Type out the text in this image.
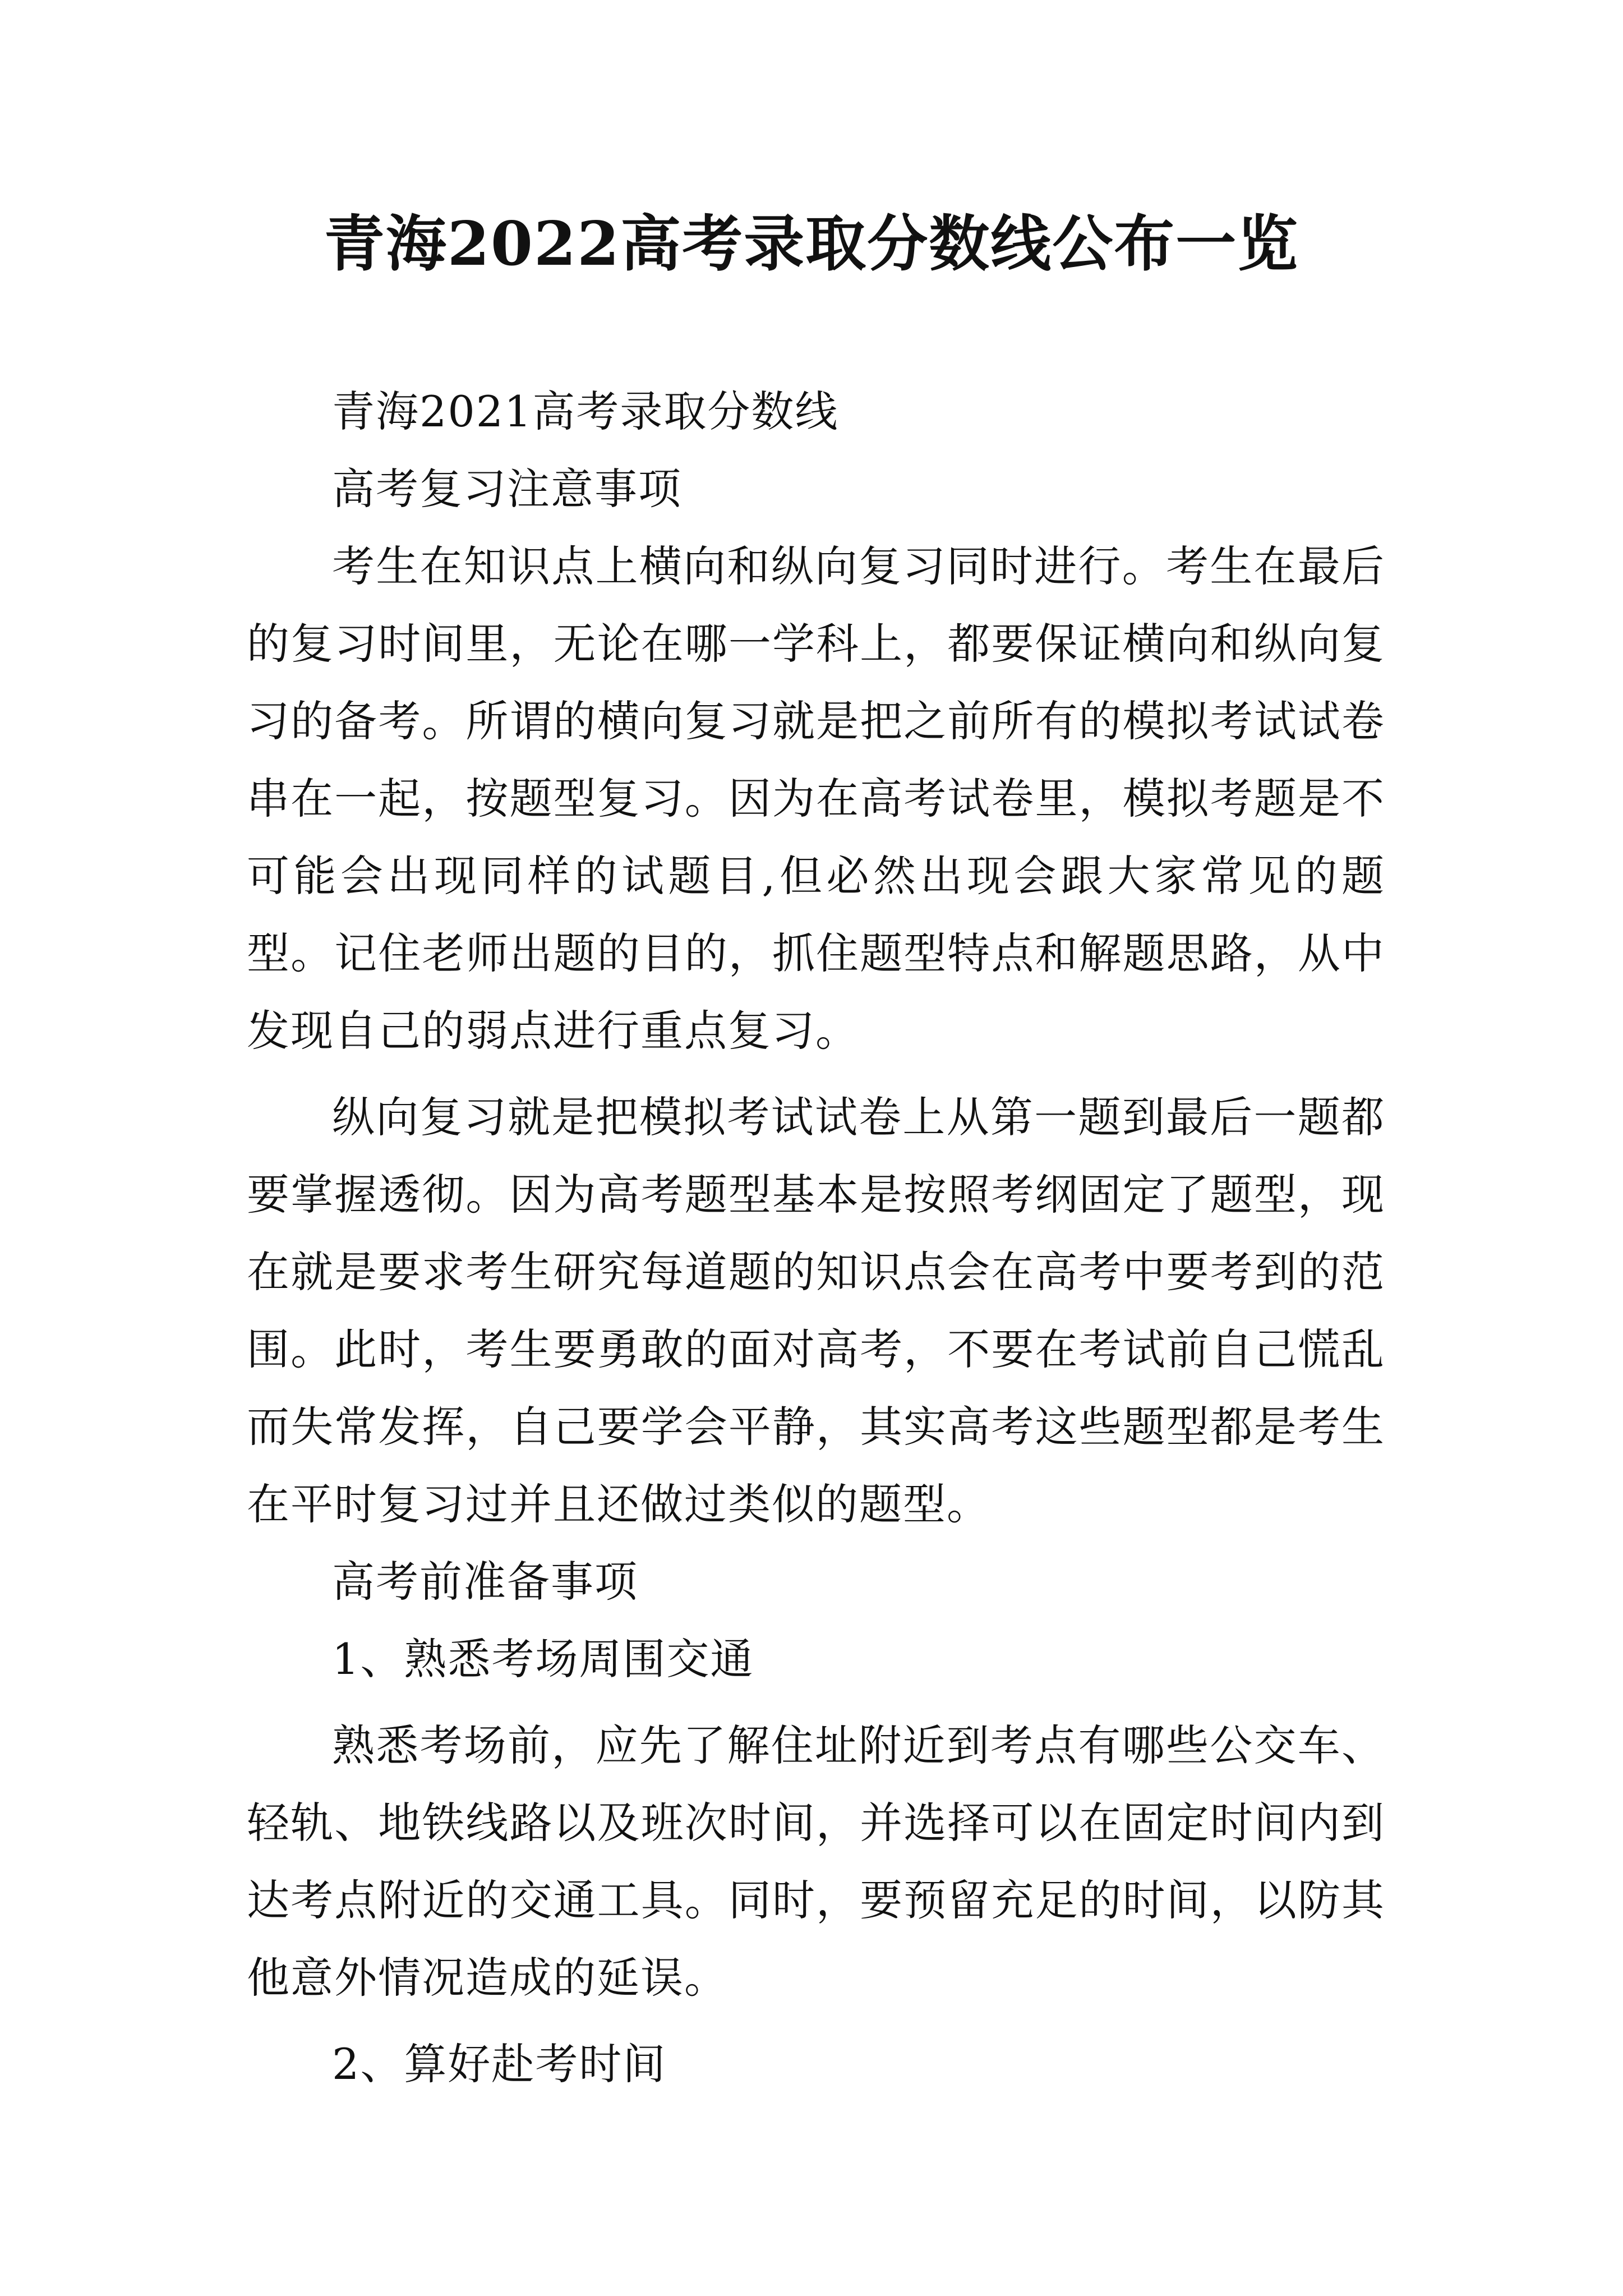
青海2022高考录取分数线公布一览

青海2021高考录取分数线

高考复习注意事项

考生在知识点上横向和纵向复习同时进行。考生在最后的复习时间里，无论在哪一学科上，都要保证横向和纵向复习的备考。所谓的横向复习就是把之前所有的模拟考试试卷串在一起，按题型复习。因为在高考试卷里，模拟考题是不可能会出现同样的试题目,但必然出现会跟大家常见的题型。记住老师出题的目的，抓住题型特点和解题思路，从中发现自己的弱点进行重点复习。

纵向复习就是把模拟考试试卷上从第一题到最后一题都要掌握透彻。因为高考题型基本是按照考纲固定了题型，现在就是要求考生研究每道题的知识点会在高考中要考到的范围。此时，考生要勇敢的面对高考，不要在考试前自己慌乱而失常发挥，自己要学会平静，其实高考这些题型都是考生在平时复习过并且还做过类似的题型。

高考前准备事项

1、熟悉考场周围交通

熟悉考场前，应先了解住址附近到考点有哪些公交车、轻轨、地铁线路以及班次时间，并选择可以在固定时间内到达考点附近的交通工具。同时，要预留充足的时间，以防其他意外情况造成的延误。

2、算好赴考时间
